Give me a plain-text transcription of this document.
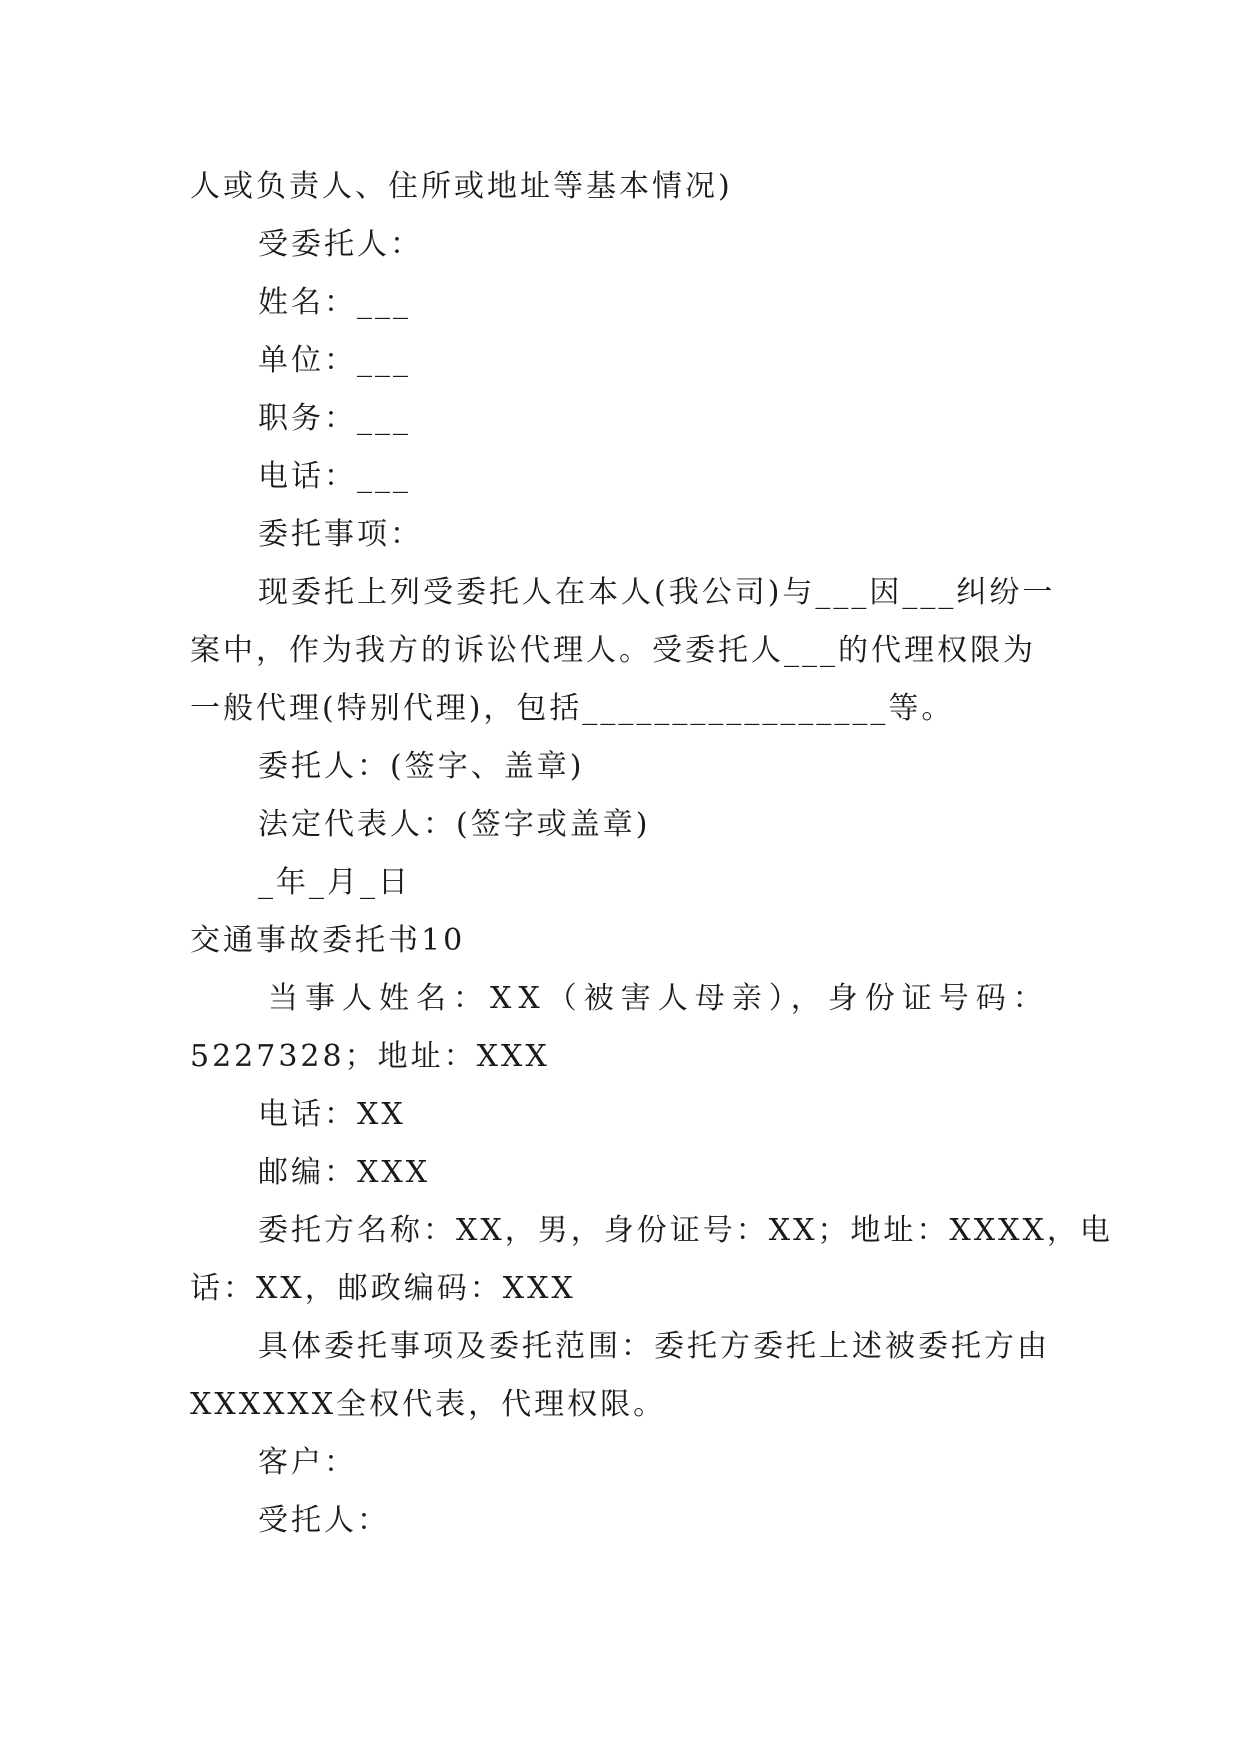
人或负责人、住所或地址等基本情况)
受委托人：
姓名：___
单位：___
职务：___
电话：___
委托事项：
现委托上列受委托人在本人(我公司)与___因___纠纷一
案中，作为我方的诉讼代理人。受委托人___的代理权限为
一般代理(特别代理)，包括_________________等。
委托人：(签字、盖章)
法定代表人：(签字或盖章)
_年_月_日
交通事故委托书10
当事人姓名：XX（被害人母亲），身份证号码：
5227328；地址：XXX
电话：XX
邮编：XXX
委托方名称：XX，男，身份证号：XX；地址：XXXX，电
话：XX，邮政编码：XXX
具体委托事项及委托范围：委托方委托上述被委托方由
XXXXXX全权代表，代理权限。
客户：
受托人：
